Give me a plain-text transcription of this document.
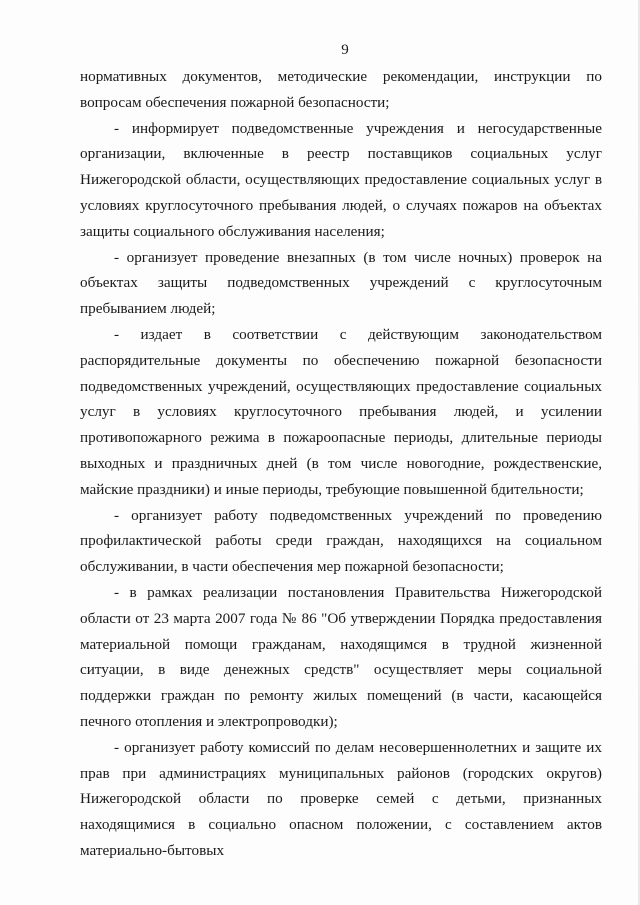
9

нормативных документов, методические рекомендации, инструкции по вопросам обеспечения пожарной безопасности;

- информирует подведомственные учреждения и негосударственные организации, включенные в реестр поставщиков социальных услуг Нижегородской области, осуществляющих предоставление социальных услуг в условиях круглосуточного пребывания людей, о случаях пожаров на объектах защиты социального обслуживания населения;

- организует проведение внезапных (в том числе ночных) проверок на объектах защиты подведомственных учреждений с круглосуточным пребыванием людей;

- издает в соответствии с действующим законодательством распорядительные документы по обеспечению пожарной безопасности подведомственных учреждений, осуществляющих предоставление социальных услуг в условиях круглосуточного пребывания людей, и усилении противопожарного режима в пожароопасные периоды, длительные периоды выходных и праздничных дней (в том числе новогодние, рождественские, майские праздники) и иные периоды, требующие повышенной бдительности;

- организует работу подведомственных учреждений по проведению профилактической работы среди граждан, находящихся на социальном обслуживании, в части обеспечения мер пожарной безопасности;

- в рамках реализации постановления Правительства Нижегородской области от 23 марта 2007 года № 86 "Об утверждении Порядка предоставления материальной помощи гражданам, находящимся в трудной жизненной ситуации, в виде денежных средств" осуществляет меры социальной поддержки граждан по ремонту жилых помещений (в части, касающейся печного отопления и электропроводки);

- организует работу комиссий по делам несовершеннолетних и защите их прав при администрациях муниципальных районов (городских округов) Нижегородской области по проверке семей с детьми, признанных находящимися в социально опасном положении, с составлением актов материально-бытовых
